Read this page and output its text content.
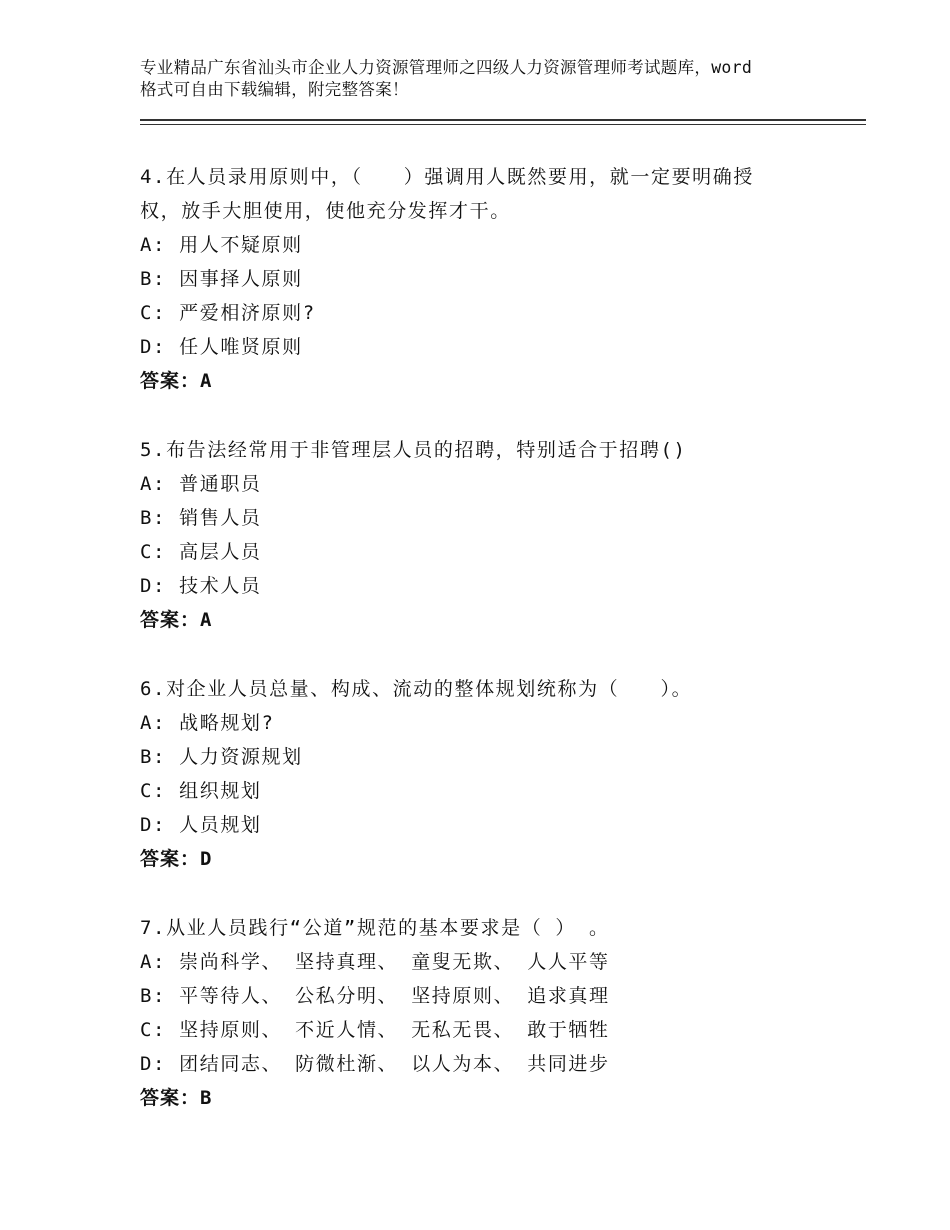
专业精品广东省汕头市企业人力资源管理师之四级人力资源管理师考试题库，word
格式可自由下载编辑，附完整答案！
4.在人员录用原则中，（　　）强调用人既然要用，就一定要明确授
权，放手大胆使用，使他充分发挥才干。
A: 用人不疑原则
B: 因事择人原则
C: 严爱相济原则?
D: 任人唯贤原则
答案：A
5.布告法经常用于非管理层人员的招聘，特别适合于招聘()
A: 普通职员
B: 销售人员
C: 高层人员
D: 技术人员
答案：A
6.对企业人员总量、构成、流动的整体规划统称为（　　）。
A: 战略规划?
B: 人力资源规划
C: 组织规划
D: 人员规划
答案：D
7.从业人员践行“公道”规范的基本要求是（ ） 。
A: 崇尚科学、 坚持真理、 童叟无欺、 人人平等
B: 平等待人、 公私分明、 坚持原则、 追求真理
C: 坚持原则、 不近人情、 无私无畏、 敢于牺牲
D: 团结同志、 防微杜渐、 以人为本、 共同进步
答案：B
